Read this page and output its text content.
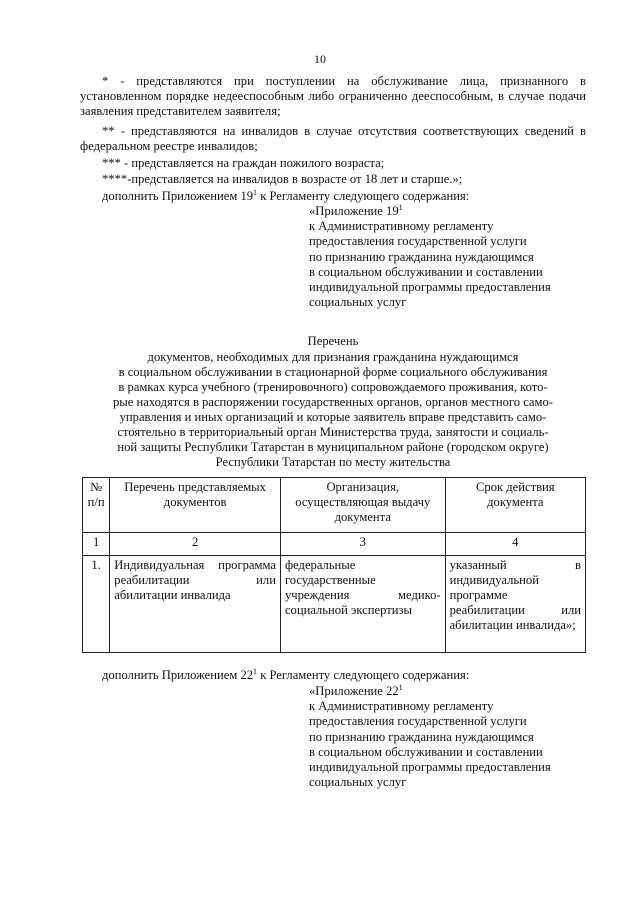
10

* - представляются при поступлении на обслуживание лица, признанного в установленном порядке недееспособным либо ограниченно дееспособным, в случае подачи заявления представителем заявителя;

** - представляются на инвалидов в случае отсутствия соответствующих сведений в федеральном реестре инвалидов;

*** - представляется на граждан пожилого возраста;

****-представляется на инвалидов в возрасте от 18 лет и старше.»;

дополнить Приложением $19^1$ к Регламенту следующего содержания:

«Приложение $19^1$
к Административному регламенту
предоставления государственной услуги
по признанию гражданина нуждающимся
в социальном обслуживании и составлении
индивидуальной программы предоставления
социальных услуг

Перечень

документов, необходимых для признания гражданина нуждающимся
в социальном обслуживании в стационарной форме социального обслуживания
в рамках курса учебного (тренировочного) сопровождаемого проживания, кото-
рые находятся в распоряжении государственных органов, органов местного само-
управления и иных организаций и которые заявитель вправе представить само-
стоятельно в территориальный орган Министерства труда, занятости и социаль-
ной защиты Республики Татарстан в муниципальном районе (городском округе)
Республики Татарстан по месту жительства
№ п/п	Перечень представляемых документов	Организация, осуществляющая выдачу документа	Срок действия документа
1	2	3	4
1.	Индивидуальная программа реабилитации или абилитации инвалида	федеральные государственные учреждения медико-социальной экспертизы	указанный в индивидуальной программе реабилитации или абилитации инвалида»;

дополнить Приложением $22^1$ к Регламенту следующего содержания:

«Приложение $22^1$
к Административному регламенту
предоставления государственной услуги
по признанию гражданина нуждающимся
в социальном обслуживании и составлении
индивидуальной программы предоставления
социальных услуг
